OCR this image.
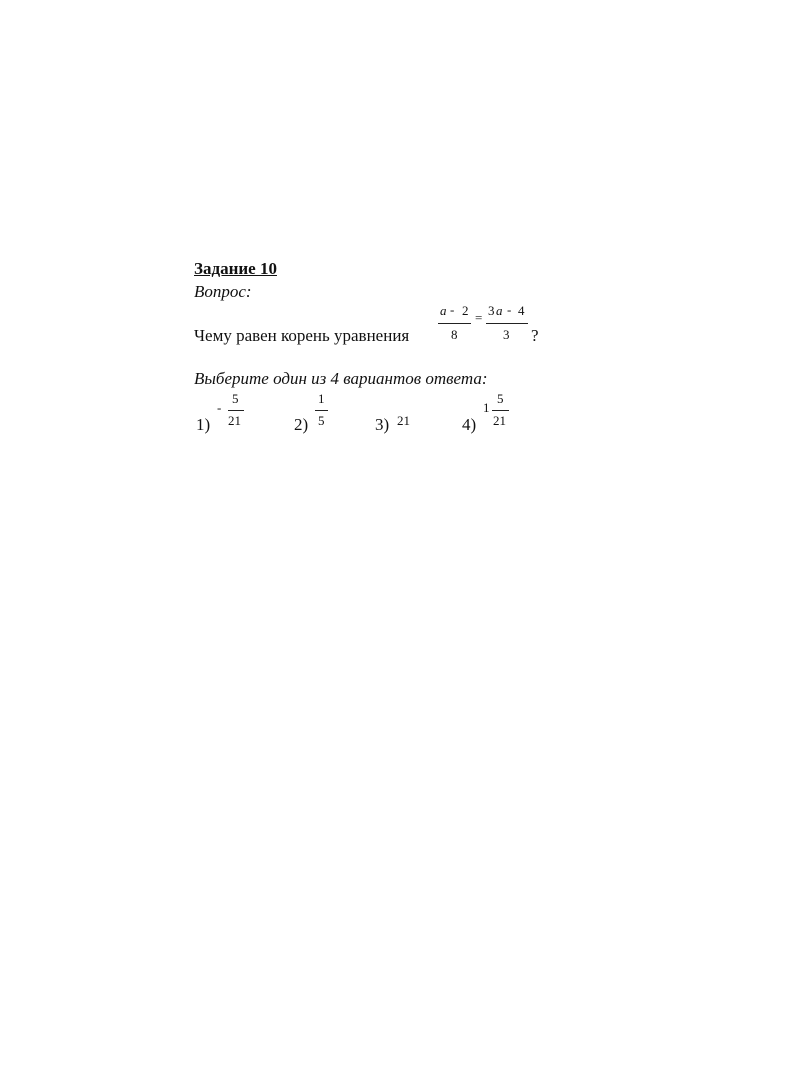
Задание 10
Вопрос:
Чему равен корень уравнения
a - 2
8
= 3 a - 4
3 ?
Выберите один из 4 вариантов ответа:
1)
-
5
21	2)
1
5	3) 21	4)
1
5
21
